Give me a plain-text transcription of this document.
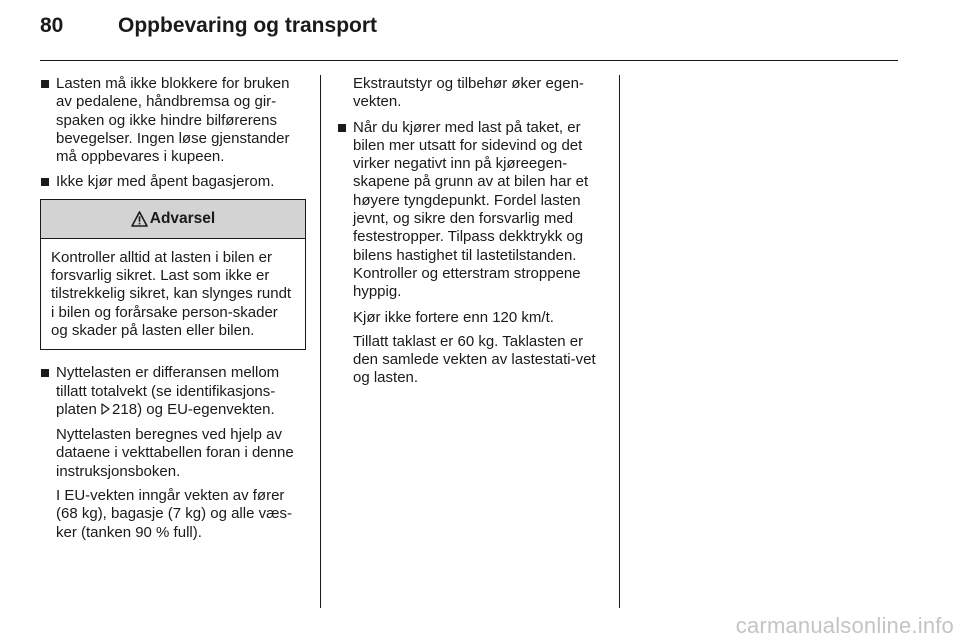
80	Oppbevaring og transport
Lasten må ikke blokkere for bruken av pedalene, håndbremsa og gir-spaken og ikke hindre bilførerens bevegelser. Ingen løse gjenstander må oppbevares i kupeen.
Ikke kjør med åpent bagasjerom.
Advarsel
Kontroller alltid at lasten i bilen er forsvarlig sikret. Last som ikke er tilstrekkelig sikret, kan slynges rundt i bilen og forårsake person-skader og skader på lasten eller bilen.
Nyttelasten er differansen mellom tillatt totalvekt (se identifikasjons-platen 218) og EU-egenvekten.
Nyttelasten beregnes ved hjelp av dataene i vekttabellen foran i denne instruksjonsboken.
I EU-vekten inngår vekten av fører (68 kg), bagasje (7 kg) og alle væs-ker (tanken 90 % full).
Ekstrautstyr og tilbehør øker egen-vekten.
Når du kjører med last på taket, er bilen mer utsatt for sidevind og det virker negativt inn på kjøreegen-skapene på grunn av at bilen har et høyere tyngdepunkt. Fordel lasten jevnt, og sikre den forsvarlig med festestropper. Tilpass dekktrykk og bilens hastighet til lastetilstanden. Kontroller og etterstram stroppene hyppig.
Kjør ikke fortere enn 120 km/t.
Tillatt taklast er 60 kg. Taklasten er den samlede vekten av lastestati-vet og lasten.
carmanualsonline.info
